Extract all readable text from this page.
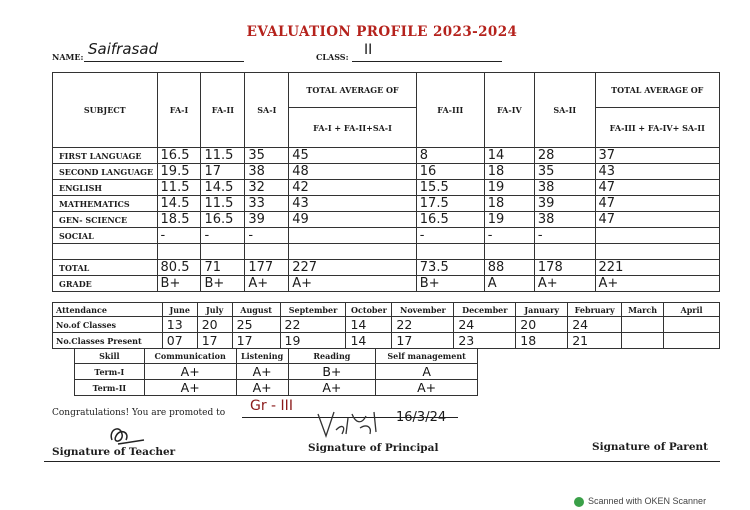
EVALUATION PROFILE 2023-2024
NAME: Saifrasad	CLASS: II
SUBJECT	FA-I	FA-II	SA-I	TOTAL AVERAGE OF	FA-III	FA-IV	SA-II	TOTAL AVERAGE OF
				FA-I + FA-II+SA-I				FA-III + FA-IV+ SA-II
FIRST LANGUAGE	16.5	11.5	35	45	8	14	28	37
SECOND LANGUAGE	19.5	17	38	48	16	18	35	43
ENGLISH	11.5	14.5	32	42	15.5	19	38	47
MATHEMATICS	14.5	11.5	33	43	17.5	18	39	47
GEN- SCIENCE	18.5	16.5	39	49	16.5	19	38	47
SOCIAL	-	-	-		-	-	-	

TOTAL	80.5	71	177	227	73.5	88	178	221
GRADE	B+	B+	A+	A+	B+	A	A+	A+
Attendance	June	July	August	September	October	November	December	January	February	March	April
No.of Classes	13	20	25	22	14	22	24	20	24		
No.Classes Present	07	17	17	19	14	17	23	18	21		
Skill	Communication	Listening	Reading	Self management
Term-I	A+	A+	B+	A
Term-II	A+	A+	A+	A+
Congratulations! You are promoted to Gr - III
16/3/24
Signature of Teacher	Signature of Principal	Signature of Parent
Scanned with OKEN Scanner
